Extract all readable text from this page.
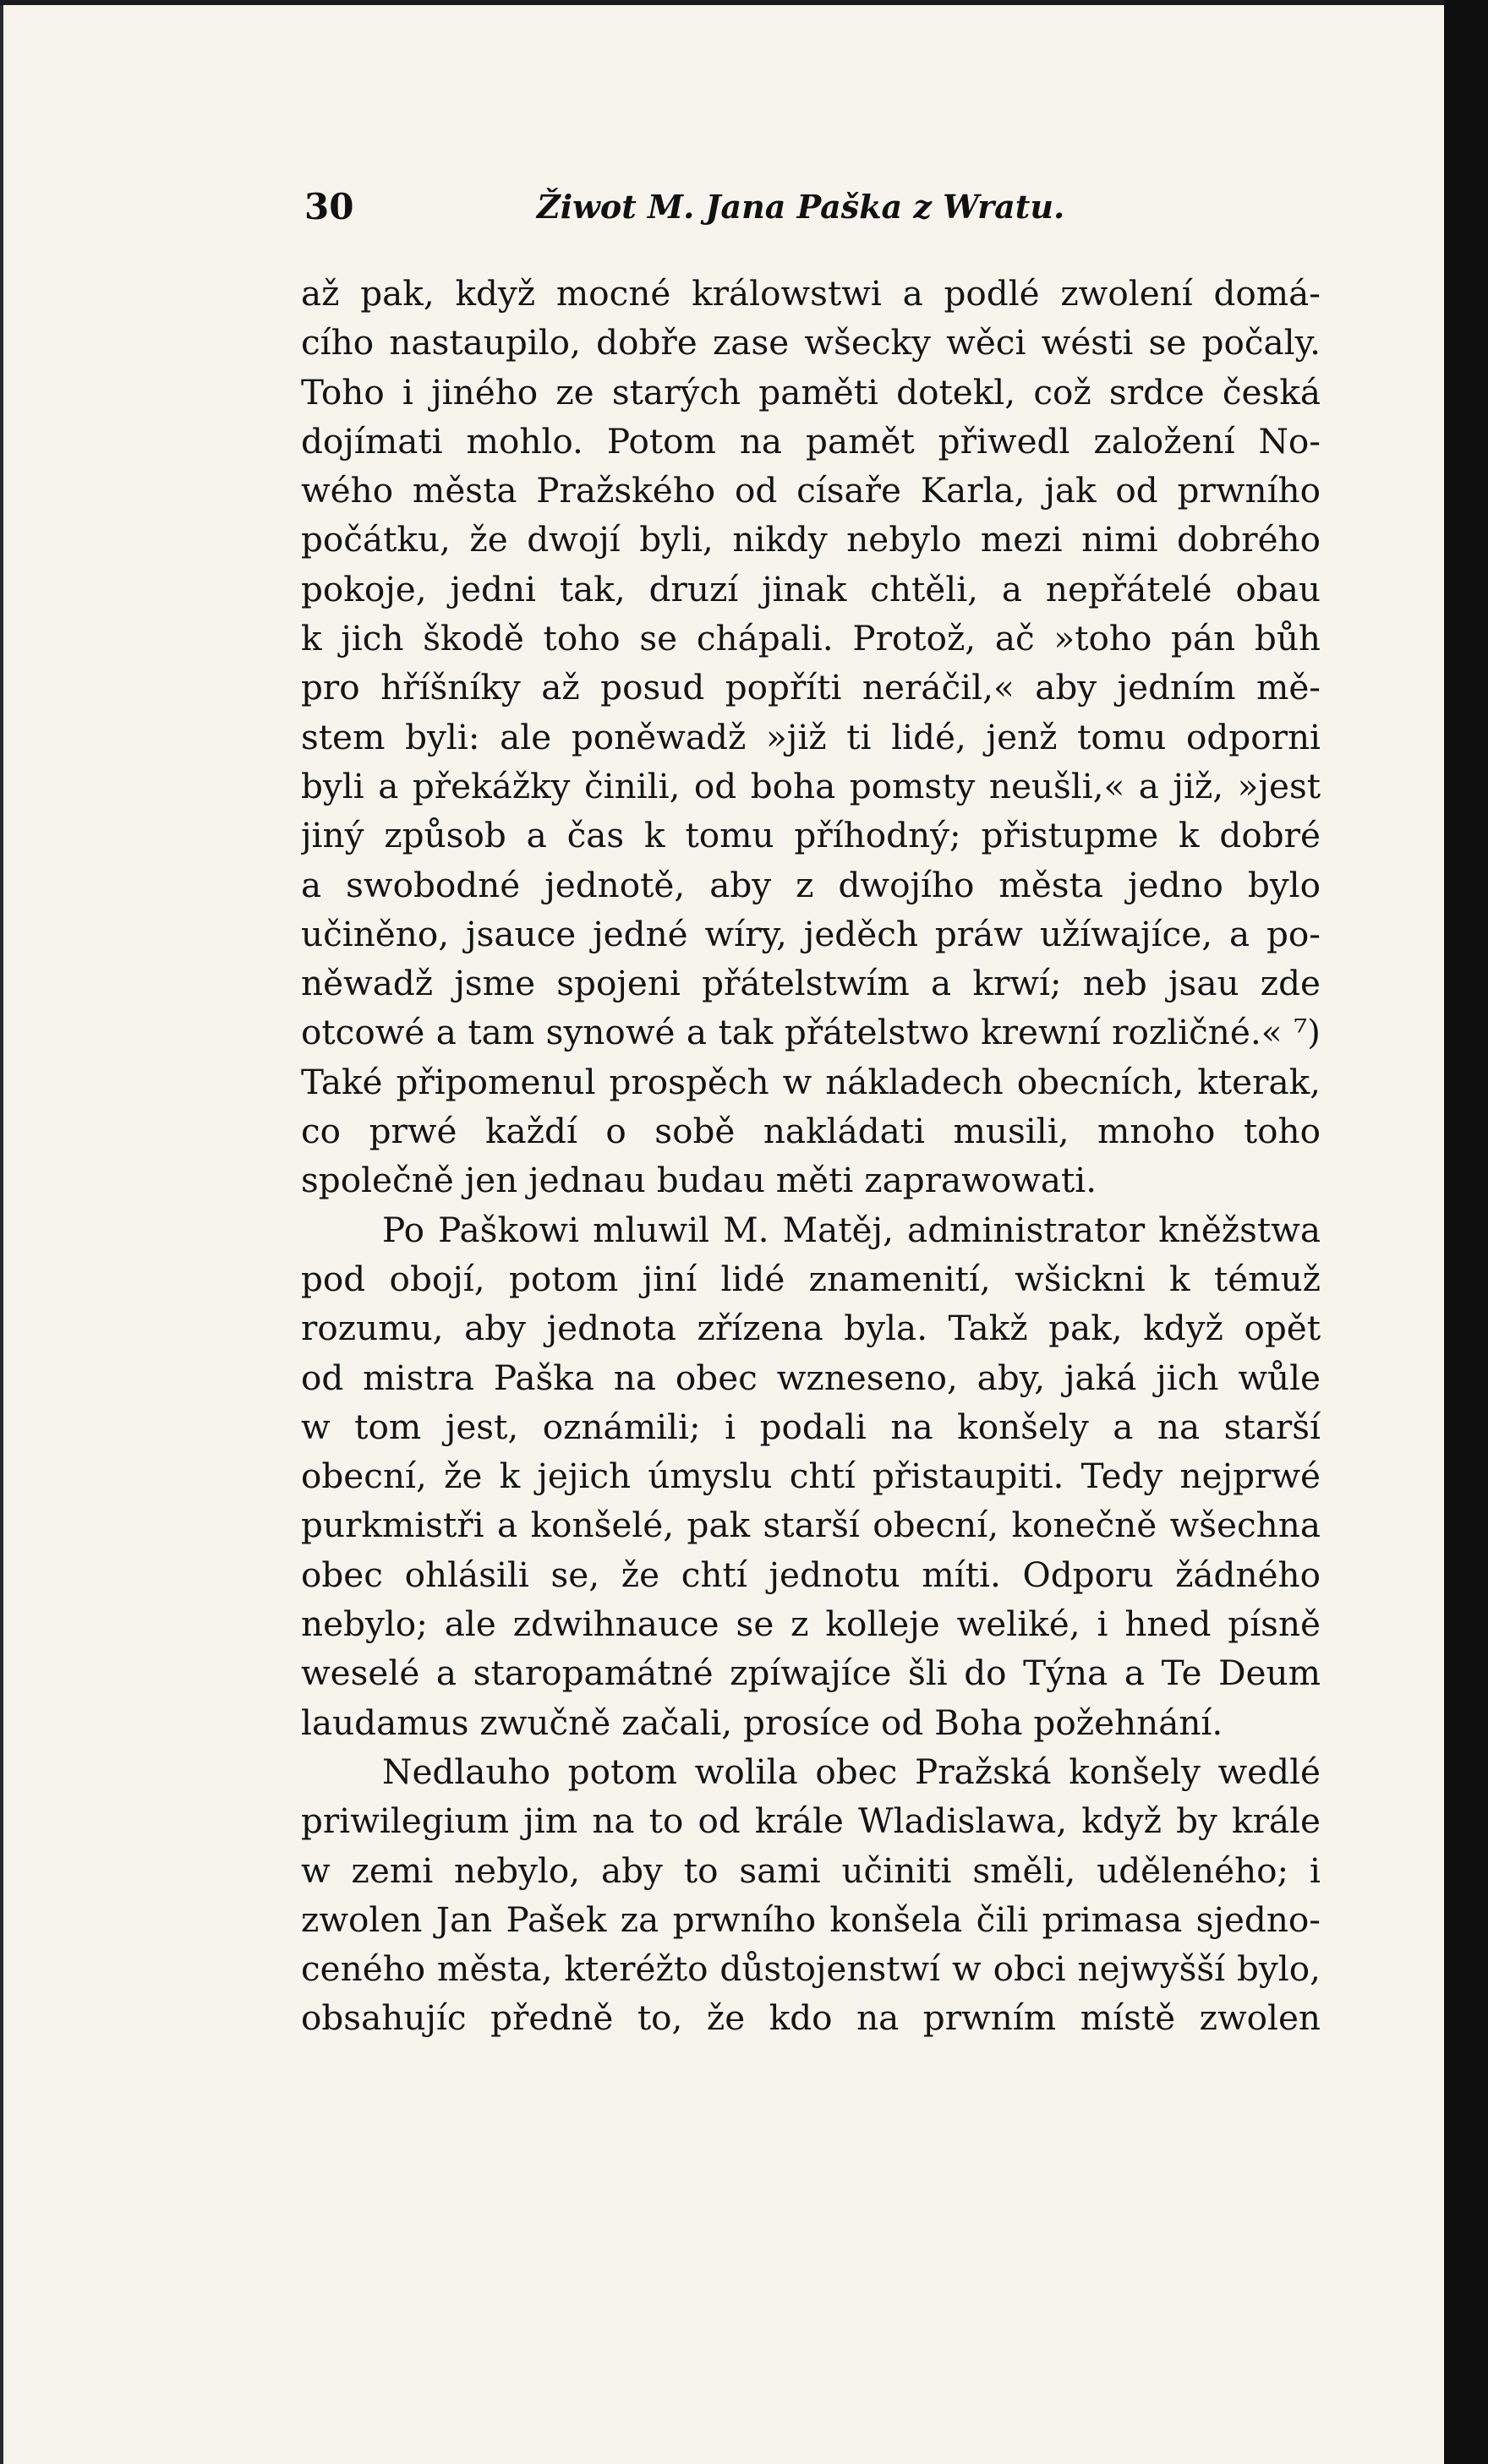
30	Žiwot M. Jana Paška z Wratu.
až pak, když mocné králowstwi a podlé zwolení domá-
cího nastaupilo, dobře zase wšecky wěci wésti se počaly.
Toho i jiného ze starých paměti dotekl, což srdce česká
dojímati mohlo. Potom na pamět přiwedl založení No-
wého města Pražského od císaře Karla, jak od prwního
počátku, že dwojí byli, nikdy nebylo mezi nimi dobrého
pokoje, jedni tak, druzí jinak chtěli, a nepřátelé obau
k jich škodě toho se chápali. Protož, ač »toho pán bůh
pro hříšníky až posud popříti neráčil,« aby jedním mě-
stem byli: ale poněwadž »již ti lidé, jenž tomu odporni
byli a překážky činili, od boha pomsty neušli,« a již, »jest
jiný způsob a čas k tomu příhodný; přistupme k dobré
a swobodné jednotě, aby z dwojího města jedno bylo
učiněno, jsauce jedné wíry, jeděch práw užíwajíce, a po-
něwadž jsme spojeni přátelstwím a krwí; neb jsau zde
otcowé a tam synowé a tak přátelstwo krewní rozličné.« ⁷)
Také připomenul prospěch w nákladech obecních, kterak,
co prwé každí o sobě nakládati musili, mnoho toho
společně jen jednau budau měti zaprawowati.
Po Paškowi mluwil M. Matěj, administrator kněžstwa
pod obojí, potom jiní lidé znamenití, wšickni k témuž
rozumu, aby jednota zřízena byla. Takž pak, když opět
od mistra Paška na obec wzneseno, aby, jaká jich wůle
w tom jest, oznámili; i podali na konšely a na starší
obecní, že k jejich úmyslu chtí přistaupiti. Tedy nejprwé
purkmistři a konšelé, pak starší obecní, konečně wšechna
obec ohlásili se, že chtí jednotu míti. Odporu žádného
nebylo; ale zdwihnauce se z kolleje weliké, i hned písně
weselé a staropamátné zpíwajíce šli do Týna a Te Deum
laudamus zwučně začali, prosíce od Boha požehnání.
Nedlauho potom wolila obec Pražská konšely wedlé
priwilegium jim na to od krále Wladislawa, když by krále
w zemi nebylo, aby to sami učiniti směli, uděleného; i
zwolen Jan Pašek za prwního konšela čili primasa sjedno-
ceného města, kteréžto důstojenstwí w obci nejwyšší bylo,
obsahujíc předně to, že kdo na prwním místě zwolen
